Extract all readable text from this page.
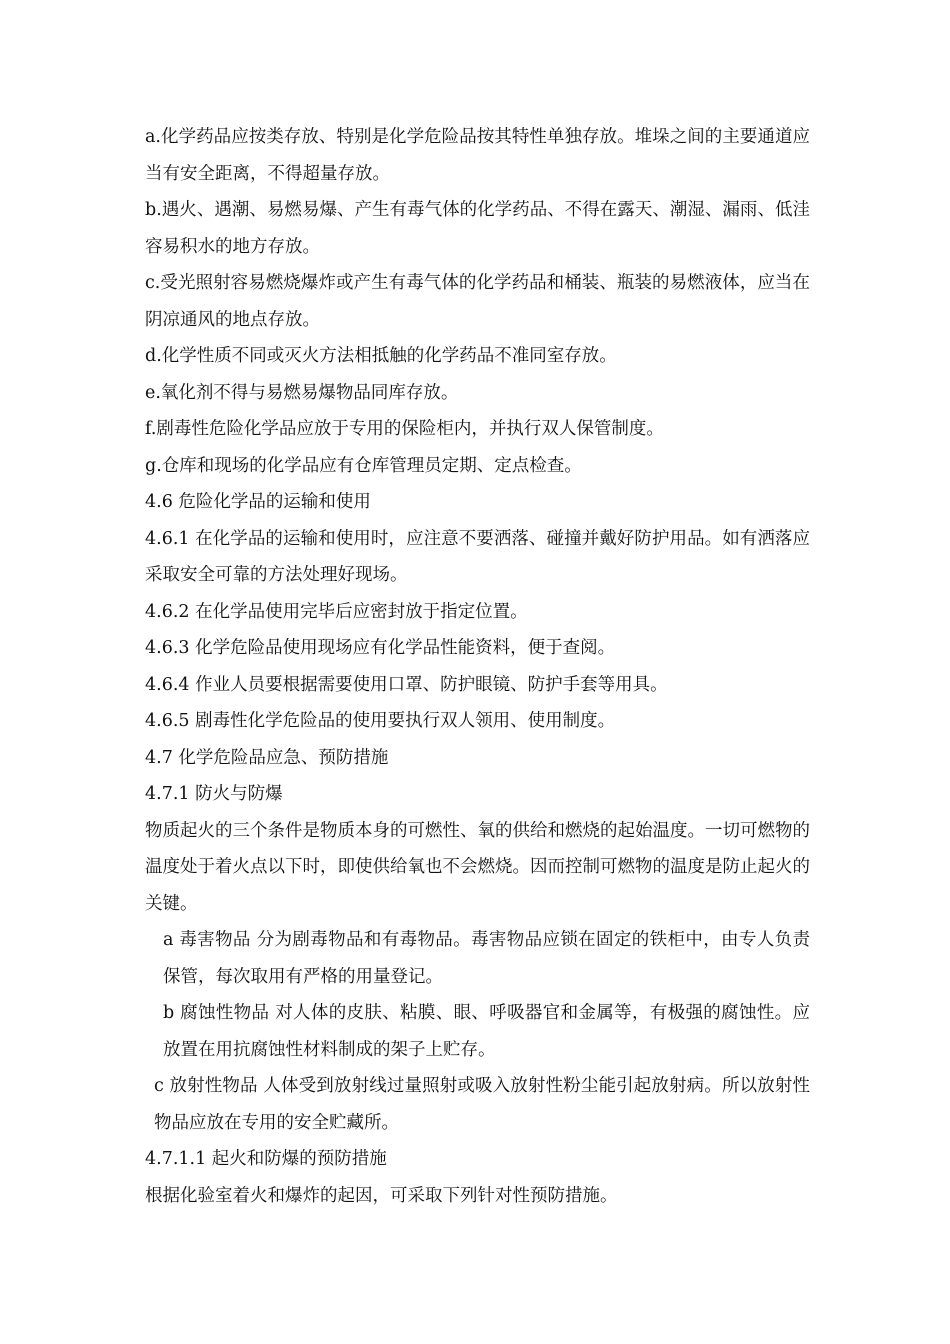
a.化学药品应按类存放、特别是化学危险品按其特性单独存放。堆垛之间的主要通道应当有安全距离，不得超量存放。

b.遇火、遇潮、易燃易爆、产生有毒气体的化学药品、不得在露天、潮湿、漏雨、低洼容易积水的地方存放。

c.受光照射容易燃烧爆炸或产生有毒气体的化学药品和桶装、瓶装的易燃液体，应当在阴凉通风的地点存放。

d.化学性质不同或灭火方法相抵触的化学药品不准同室存放。

e.氧化剂不得与易燃易爆物品同库存放。

f.剧毒性危险化学品应放于专用的保险柜内，并执行双人保管制度。

g.仓库和现场的化学品应有仓库管理员定期、定点检查。

4.6 危险化学品的运输和使用

4.6.1 在化学品的运输和使用时，应注意不要洒落、碰撞并戴好防护用品。如有洒落应采取安全可靠的方法处理好现场。

4.6.2 在化学品使用完毕后应密封放于指定位置。

4.6.3 化学危险品使用现场应有化学品性能资料，便于查阅。

4.6.4 作业人员要根据需要使用口罩、防护眼镜、防护手套等用具。

4.6.5 剧毒性化学危险品的使用要执行双人领用、使用制度。

4.7 化学危险品应急、预防措施

4.7.1 防火与防爆

物质起火的三个条件是物质本身的可燃性、氧的供给和燃烧的起始温度。一切可燃物的温度处于着火点以下时，即使供给氧也不会燃烧。因而控制可燃物的温度是防止起火的关键。

a 毒害物品 分为剧毒物品和有毒物品。毒害物品应锁在固定的铁柜中，由专人负责保管，每次取用有严格的用量登记。

b 腐蚀性物品 对人体的皮肤、粘膜、眼、呼吸器官和金属等，有极强的腐蚀性。应放置在用抗腐蚀性材料制成的架子上贮存。

c 放射性物品 人体受到放射线过量照射或吸入放射性粉尘能引起放射病。所以放射性物品应放在专用的安全贮藏所。

4.7.1.1 起火和防爆的预防措施

根据化验室着火和爆炸的起因，可采取下列针对性预防措施。
